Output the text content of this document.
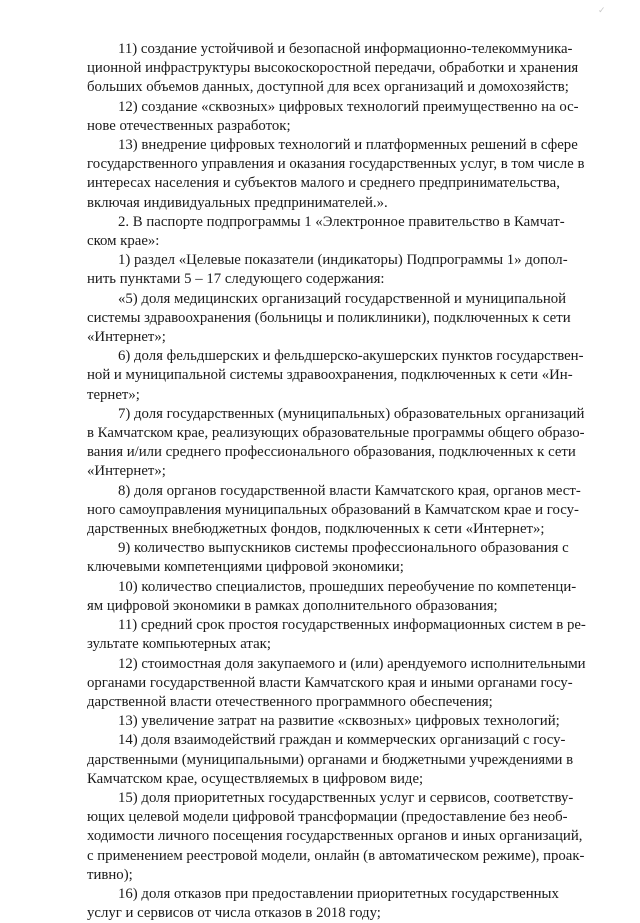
✓
11) создание устойчивой и безопасной информационно-телекоммуника-
ционной инфраструктуры высокоскоростной передачи, обработки и хранения
больших объемов данных, доступной для всех организаций и домохозяйств;
12) создание «сквозных» цифровых технологий преимущественно на ос-
нове отечественных разработок;
13) внедрение цифровых технологий и платформенных решений в сфере
государственного управления и оказания государственных услуг, в том числе в
интересах населения и субъектов малого и среднего предпринимательства,
включая индивидуальных предпринимателей.».
2. В паспорте подпрограммы 1 «Электронное правительство в Камчат-
ском крае»:
1) раздел «Целевые показатели (индикаторы) Подпрограммы 1» допол-
нить пунктами 5 – 17 следующего содержания:
«5) доля медицинских организаций государственной и муниципальной
системы здравоохранения (больницы и поликлиники), подключенных к сети
«Интернет»;
6) доля фельдшерских и фельдшерско-акушерских пунктов государствен-
ной и муниципальной системы здравоохранения, подключенных к сети «Ин-
тернет»;
7) доля государственных (муниципальных) образовательных организаций
в Камчатском крае, реализующих образовательные программы общего образо-
вания и/или среднего профессионального образования, подключенных к сети
«Интернет»;
8) доля органов государственной власти Камчатского края, органов мест-
ного самоуправления муниципальных образований в Камчатском крае и госу-
дарственных внебюджетных фондов, подключенных к сети «Интернет»;
9) количество выпускников системы профессионального образования с
ключевыми компетенциями цифровой экономики;
10) количество специалистов, прошедших переобучение по компетенци-
ям цифровой экономики в рамках дополнительного образования;
11) средний срок простоя государственных информационных систем в ре-
зультате компьютерных атак;
12) стоимостная доля закупаемого и (или) арендуемого исполнительными
органами государственной власти Камчатского края и иными органами госу-
дарственной власти отечественного программного обеспечения;
13) увеличение затрат на развитие «сквозных» цифровых технологий;
14) доля взаимодействий граждан и коммерческих организаций с госу-
дарственными (муниципальными) органами и бюджетными учреждениями в
Камчатском крае, осуществляемых в цифровом виде;
15) доля приоритетных государственных услуг и сервисов, соответству-
ющих целевой модели цифровой трансформации (предоставление без необ-
ходимости личного посещения государственных органов и иных организаций,
с применением реестровой модели, онлайн (в автоматическом режиме), проак-
тивно);
16) доля отказов при предоставлении приоритетных государственных
услуг и сервисов от числа отказов в 2018 году;
